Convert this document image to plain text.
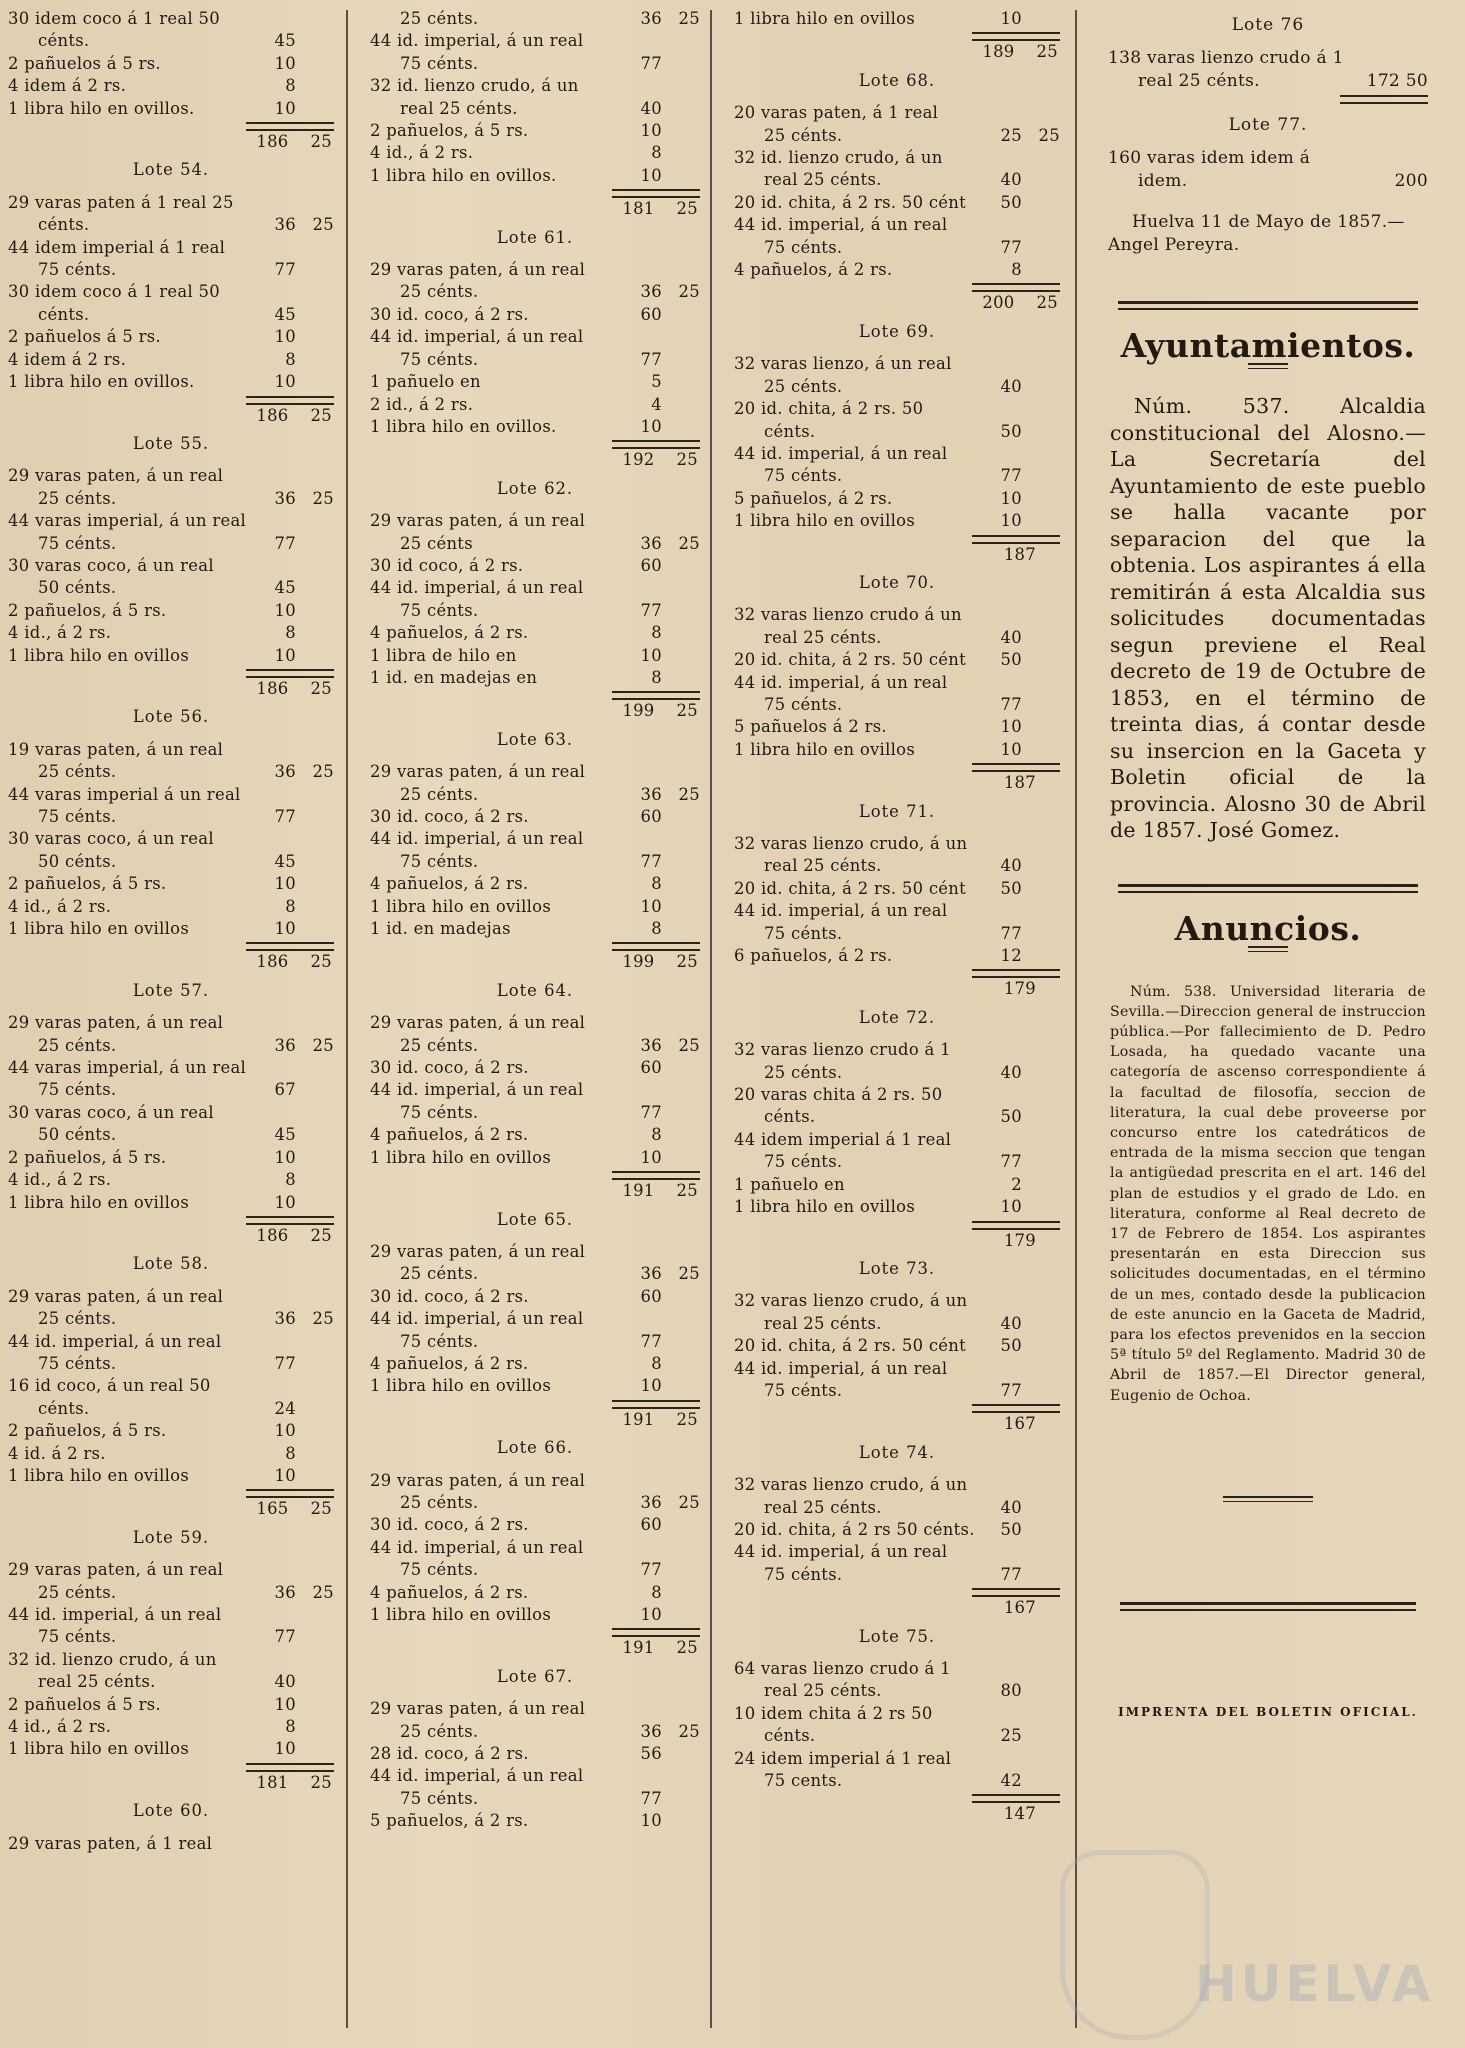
30 idem coco á 1 real 50
cénts.	45
2 pañuelos á 5 rs.	10
4 idem á 2 rs.	8
1 libra hilo en ovillos.	10
186 25
Lote 54.
29 varas paten á 1 real 25
cénts.	36	25
44 idem imperial á 1 real
75 cénts.	77
30 idem coco á 1 real 50
cénts.	45
2 pañuelos á 5 rs.	10
4 idem á 2 rs.	8
1 libra hilo en ovillos.	10
186 25
Lote 55.
29 varas paten, á un real
25 cénts.	36	25
44 varas imperial, á un real
75 cénts.	77
30 varas coco, á un real
50 cénts.	45
2 pañuelos, á 5 rs.	10
4 id., á 2 rs.	8
1 libra hilo en ovillos	10
186 25
Lote 56.
19 varas paten, á un real
25 cénts.	36	25
44 varas imperial á un real
75 cénts.	77
30 varas coco, á un real
50 cénts.	45
2 pañuelos, á 5 rs.	10
4 id., á 2 rs.	8
1 libra hilo en ovillos	10
186 25
Lote 57.
29 varas paten, á un real
25 cénts.	36	25
44 varas imperial, á un real
75 cénts.	67
30 varas coco, á un real
50 cénts.	45
2 pañuelos, á 5 rs.	10
4 id., á 2 rs.	8
1 libra hilo en ovillos	10
186 25
Lote 58.
29 varas paten, á un real
25 cénts.	36	25
44 id. imperial, á un real
75 cénts.	77
16 id coco, á un real 50
cénts.	24
2 pañuelos, á 5 rs.	10
4 id. á 2 rs.	8
1 libra hilo en ovillos	10
165 25
Lote 59.
29 varas paten, á un real
25 cénts.	36	25
44 id. imperial, á un real
75 cénts.	77
32 id. lienzo crudo, á un
real 25 cénts.	40
2 pañuelos á 5 rs.	10
4 id., á 2 rs.	8
1 libra hilo en ovillos	10
181 25
Lote 60.
29 varas paten, á 1 real
25 cénts.	36	25
44 id. imperial, á un real
75 cénts.	77
32 id. lienzo crudo, á un
real 25 cénts.	40
2 pañuelos, á 5 rs.	10
4 id., á 2 rs.	8
1 libra hilo en ovillos.	10
181 25
Lote 61.
29 varas paten, á un real
25 cénts.	36	25
30 id. coco, á 2 rs.	60
44 id. imperial, á un real
75 cénts.	77
1 pañuelo en	5
2 id., á 2 rs.	4
1 libra hilo en ovillos.	10
192 25
Lote 62.
29 varas paten, á un real
25 cénts	36	25
30 id coco, á 2 rs.	60
44 id. imperial, á un real
75 cénts.	77
4 pañuelos, á 2 rs.	8
1 libra de hilo en	10
1 id. en madejas en	8
199 25
Lote 63.
29 varas paten, á un real
25 cénts.	36	25
30 id. coco, á 2 rs.	60
44 id. imperial, á un real
75 cénts.	77
4 pañuelos, á 2 rs.	8
1 libra hilo en ovillos	10
1 id. en madejas	8
199 25
Lote 64.
29 varas paten, á un real
25 cénts.	36	25
30 id. coco, á 2 rs.	60
44 id. imperial, á un real
75 cénts.	77
4 pañuelos, á 2 rs.	8
1 libra hilo en ovillos	10
191 25
Lote 65.
29 varas paten, á un real
25 cénts.	36	25
30 id. coco, á 2 rs.	60
44 id. imperial, á un real
75 cénts.	77
4 pañuelos, á 2 rs.	8
1 libra hilo en ovillos	10
191 25
Lote 66.
29 varas paten, á un real
25 cénts.	36	25
30 id. coco, á 2 rs.	60
44 id. imperial, á un real
75 cénts.	77
4 pañuelos, á 2 rs.	8
1 libra hilo en ovillos	10
191 25
Lote 67.
29 varas paten, á un real
25 cénts.	36	25
28 id. coco, á 2 rs.	56
44 id. imperial, á un real
75 cénts.	77
5 pañuelos, á 2 rs.	10
1 libra hilo en ovillos	10
189 25
Lote 68.
20 varas paten, á 1 real
25 cénts.	25	25
32 id. lienzo crudo, á un
real 25 cénts.	40
20 id. chita, á 2 rs. 50 cént	50
44 id. imperial, á un real
75 cénts.	77
4 pañuelos, á 2 rs.	8
200 25
Lote 69.
32 varas lienzo, á un real
25 cénts.	40
20 id. chita, á 2 rs. 50
cénts.	50
44 id. imperial, á un real
75 cénts.	77
5 pañuelos, á 2 rs.	10
1 libra hilo en ovillos	10
187
Lote 70.
32 varas lienzo crudo á un
real 25 cénts.	40
20 id. chita, á 2 rs. 50 cént	50
44 id. imperial, á un real
75 cénts.	77
5 pañuelos á 2 rs.	10
1 libra hilo en ovillos	10
187
Lote 71.
32 varas lienzo crudo, á un
real 25 cénts.	40
20 id. chita, á 2 rs. 50 cént	50
44 id. imperial, á un real
75 cénts.	77
6 pañuelos, á 2 rs.	12
179
Lote 72.
32 varas lienzo crudo á 1
25 cénts.	40
20 varas chita á 2 rs. 50
cénts.	50
44 idem imperial á 1 real
75 cénts.	77
1 pañuelo en	2
1 libra hilo en ovillos	10
179
Lote 73.
32 varas lienzo crudo, á un
real 25 cénts.	40
20 id. chita, á 2 rs. 50 cént	50
44 id. imperial, á un real
75 cénts.	77
167
Lote 74.
32 varas lienzo crudo, á un
real 25 cénts.	40
20 id. chita, á 2 rs 50 cénts.	50
44 id. imperial, á un real
75 cénts.	77
167
Lote 75.
64 varas lienzo crudo á 1
real 25 cénts.	80
10 idem chita á 2 rs 50
cénts.	25
24 idem imperial á 1 real
75 cents.	42
147
Lote 76
138 varas lienzo crudo á 1
real 25 cénts.	172 50
Lote 77.
160 varas idem idem á
idem.	200

Huelva 11 de Mayo de 1857.— Angel Pereyra.

Ayuntamientos.

Núm. 537. Alcaldia constitucional del Alosno.—La Secretaría del Ayuntamiento de este pueblo se halla vacante por separacion del que la obtenia. Los aspirantes á ella remitirán á esta Alcaldia sus solicitudes documentadas segun previene el Real decreto de 19 de Octubre de 1853, en el término de treinta dias, á contar desde su insercion en la Gaceta y Boletin oficial de la provincia. Alosno 30 de Abril de 1857. José Gomez.

Anuncios.

Núm. 538. Universidad literaria de Sevilla.—Direccion general de instruccion pública.—Por fallecimiento de D. Pedro Losada, ha quedado vacante una categoría de ascenso correspondiente á la facultad de filosofía, seccion de literatura, la cual debe proveerse por concurso entre los catedráticos de entrada de la misma seccion que tengan la antigüedad prescrita en el art. 146 del plan de estudios y el grado de Ldo. en literatura, conforme al Real decreto de 17 de Febrero de 1854. Los aspirantes presentarán en esta Direccion sus solicitudes documentadas, en el término de un mes, contado desde la publicacion de este anuncio en la Gaceta de Madrid, para los efectos prevenidos en la seccion 5ª título 5º del Reglamento. Madrid 30 de Abril de 1857.—El Director general, Eugenio de Ochoa.

IMPRENTA DEL BOLETIN OFICIAL.
HUELVA
